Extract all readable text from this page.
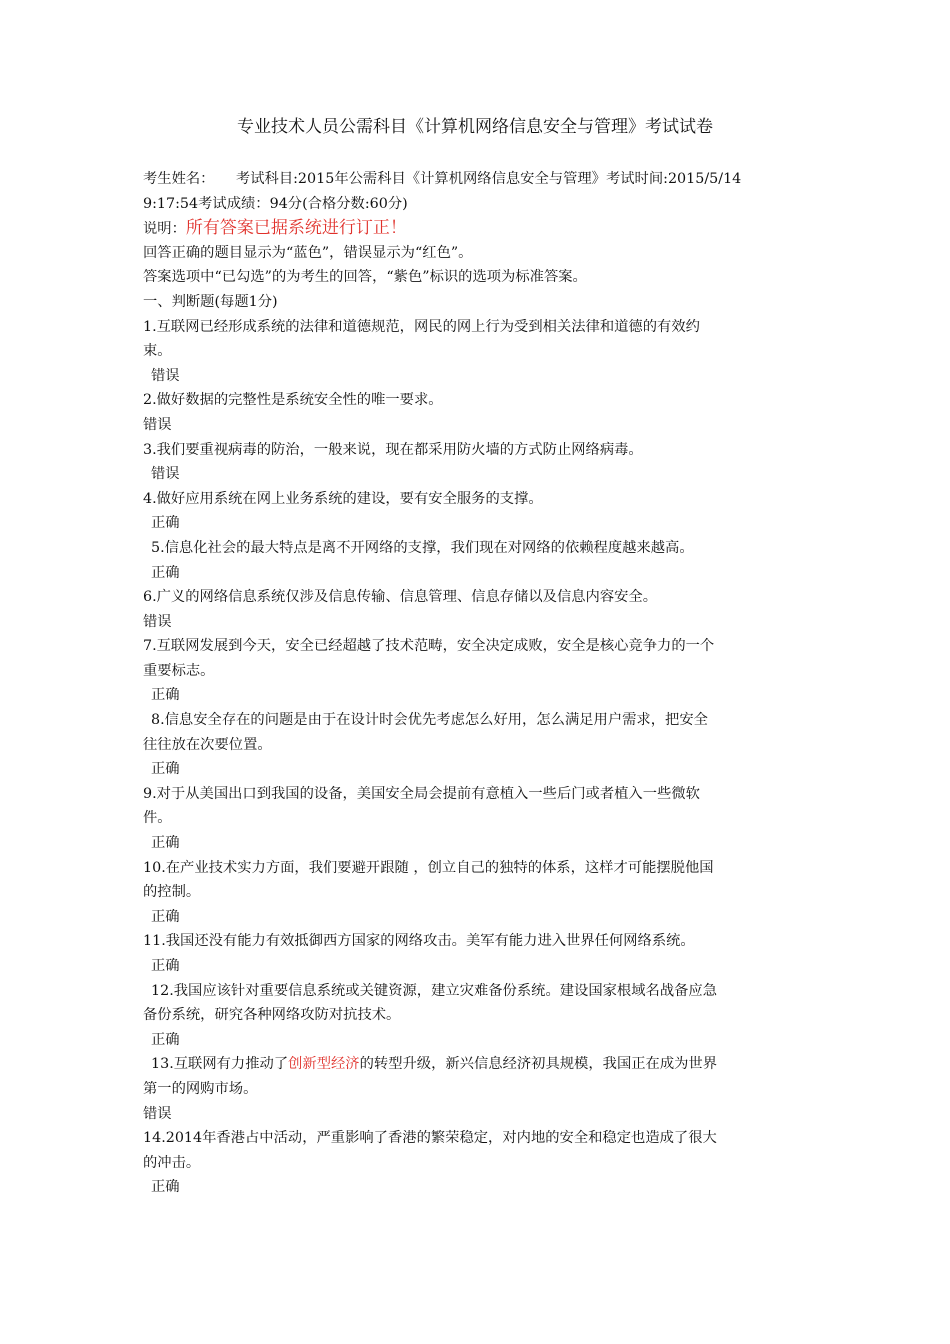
专业技术人员公需科目《计算机网络信息安全与管理》考试试卷
考生姓名：　　考试科目:2015年公需科目《计算机网络信息安全与管理》考试时间:2015/5/14
9:17:54考试成绩：94分(合格分数:60分)
说明：所有答案已据系统进行订正！
回答正确的题目显示为“蓝色”，错误显示为“红色”。
答案选项中“已勾选”的为考生的回答，“紫色”标识的选项为标准答案。
一、判断题(每题1分)
1.互联网已经形成系统的法律和道德规范，网民的网上行为受到相关法律和道德的有效约
束。
错误
2.做好数据的完整性是系统安全性的唯一要求。
错误
3.我们要重视病毒的防治，一般来说，现在都采用防火墙的方式防止网络病毒。
错误
4.做好应用系统在网上业务系统的建设，要有安全服务的支撑。
正确
5.信息化社会的最大特点是离不开网络的支撑，我们现在对网络的依赖程度越来越高。
正确
6.广义的网络信息系统仅涉及信息传输、信息管理、信息存储以及信息内容安全。
错误
7.互联网发展到今天，安全已经超越了技术范畴，安全决定成败，安全是核心竞争力的一个
重要标志。
正确
8.信息安全存在的问题是由于在设计时会优先考虑怎么好用，怎么满足用户需求，把安全
往往放在次要位置。
正确
9.对于从美国出口到我国的设备，美国安全局会提前有意植入一些后门或者植入一些微软
件。
正确
10.在产业技术实力方面，我们要避开跟随 ，创立自己的独特的体系，这样才可能摆脱他国
的控制。
正确
11.我国还没有能力有效抵御西方国家的网络攻击。美军有能力进入世界任何网络系统。
正确
12.我国应该针对重要信息系统或关键资源，建立灾难备份系统。建设国家根域名战备应急
备份系统，研究各种网络攻防对抗技术。
正确
13.互联网有力推动了创新型经济的转型升级，新兴信息经济初具规模，我国正在成为世界
第一的网购市场。
错误
14.2014年香港占中活动，严重影响了香港的繁荣稳定，对内地的安全和稳定也造成了很大
的冲击。
正确
